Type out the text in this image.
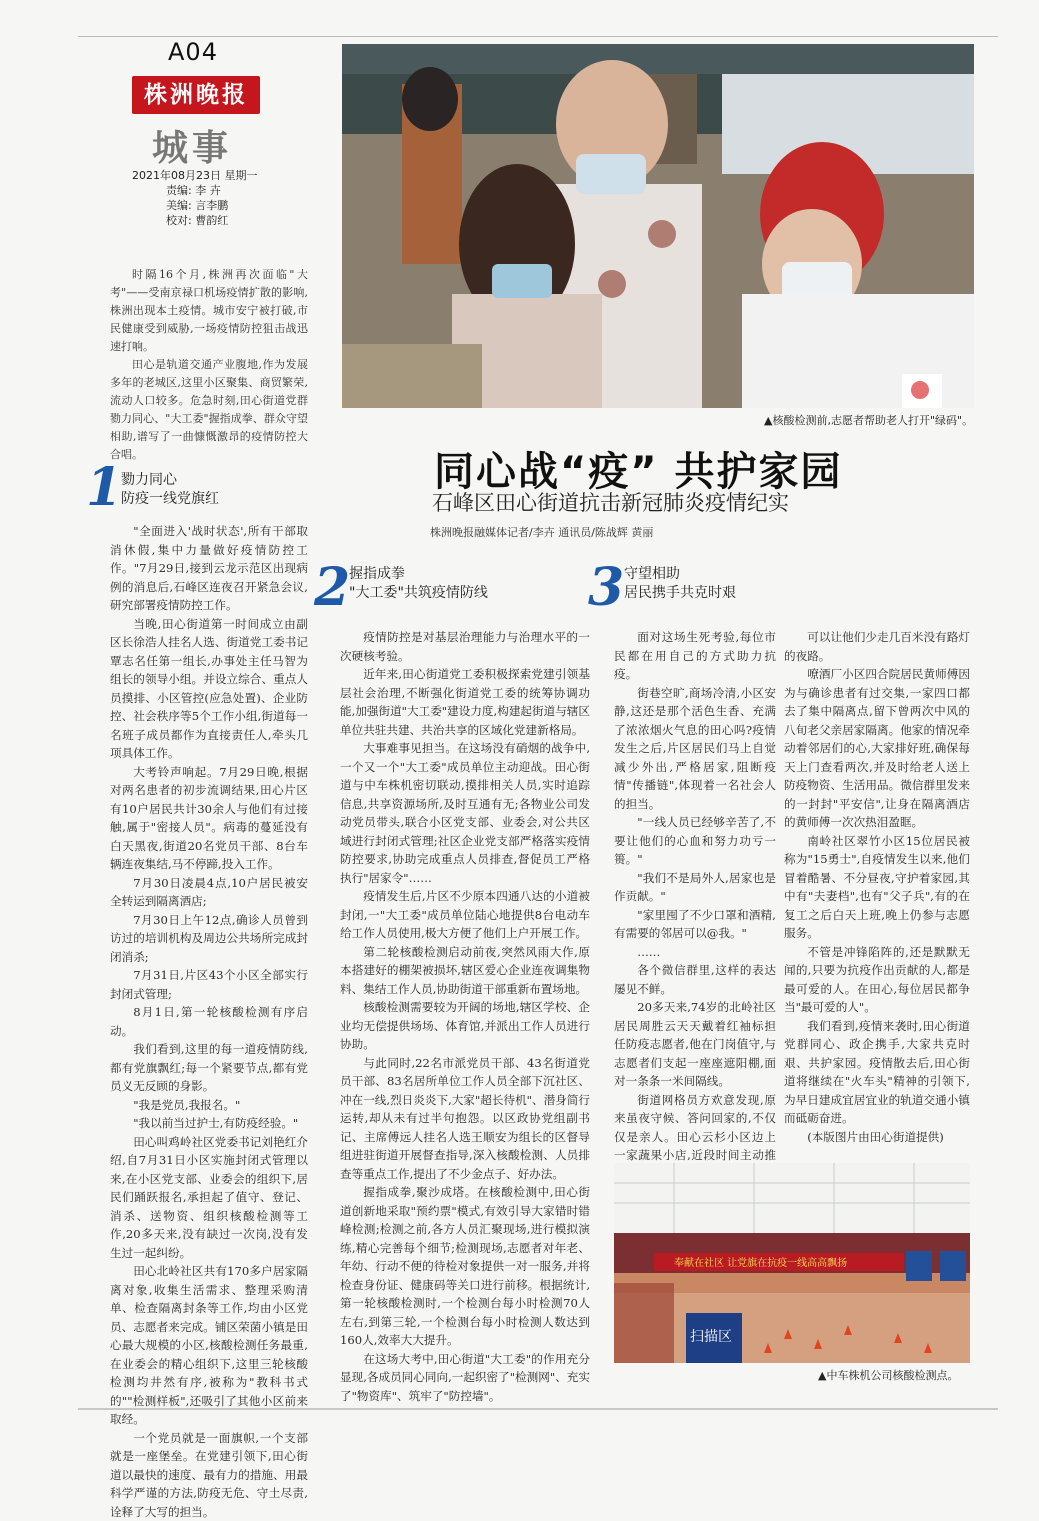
A04
株洲晚报
城事
2021年08月23日 星期一
责编: 李 卉
美编: 言李鹏
校对: 曹韵红

时隔16个月,株洲再次面临"大考"——受南京禄口机场疫情扩散的影响,株洲出现本土疫情。城市安宁被打破,市民健康受到威胁,一场疫情防控狙击战迅速打响。

田心是轨道交通产业腹地,作为发展多年的老城区,这里小区聚集、商贸繁荣,流动人口较多。危急时刻,田心街道党群勠力同心、"大工委"握指成拳、群众守望相助,谱写了一曲慷慨激昂的疫情防控大合唱。

▲核酸检测前,志愿者帮助老人打开"绿码"。
同心战“疫” 共护家园
石峰区田心街道抗击新冠肺炎疫情纪实
株洲晚报融媒体记者/李卉 通讯员/陈战辉 黄丽
1
勠力同心
防疫一线党旗红

"全面进入'战时状态',所有干部取消休假,集中力量做好疫情防控工作。"7月29日,接到云龙示范区出现病例的消息后,石峰区连夜召开紧急会议,研究部署疫情防控工作。

当晚,田心街道第一时间成立由副区长徐浩人挂名人选、街道党工委书记覃志名任第一组长,办事处主任马智为组长的领导小组。并设立综合、重点人员摸排、小区管控(应急处置)、企业防控、社会秩序等5个工作小组,街道每一名班子成员都作为直接责任人,牵头几项具体工作。

大考铃声响起。7月29日晚,根据对两名患者的初步流调结果,田心片区有10户居民共计30余人与他们有过接触,属于"密接人员"。病毒的蔓延没有白天黑夜,街道20名党员干部、8台车辆连夜集结,马不停蹄,投入工作。

7月30日凌晨4点,10户居民被安全转运到隔离酒店;

7月30日上午12点,确诊人员曾到访过的培训机构及周边公共场所完成封闭消杀;

7月31日,片区43个小区全部实行封闭式管理;

8月1日,第一轮核酸检测有序启动。

我们看到,这里的每一道疫情防线,都有党旗飘红;每一个紧要节点,都有党员义无反顾的身影。

"我是党员,我报名。"

"我以前当过护士,有防疫经验。"

田心叫鸡岭社区党委书记刘艳红介绍,自7月31日小区实施封闭式管理以来,在小区党支部、业委会的组织下,居民们踊跃报名,承担起了值守、登记、消杀、送物资、组织核酸检测等工作,20多天来,没有缺过一次岗,没有发生过一起纠纷。

田心北岭社区共有170多户居家隔离对象,收集生活需求、整理采购清单、检查隔离封条等工作,均由小区党员、志愿者来完成。铺区荣菌小镇是田心最大规模的小区,核酸检测任务最重,在业委会的精心组织下,这里三轮核酸检测均井然有序,被称为"教科书式的""检测样板",还吸引了其他小区前来取经。

一个党员就是一面旗帜,一个支部就是一座堡垒。在党建引领下,田心街道以最快的速度、最有力的措施、用最科学严谨的方法,防疫无危、守土尽责,诠释了大写的担当。

2
握指成拳
"大工委"共筑疫情防线

疫情防控是对基层治理能力与治理水平的一次硬核考验。

近年来,田心街道党工委积极探索党建引领基层社会治理,不断强化街道党工委的统筹协调功能,加强街道"大工委"建设力度,构建起街道与辖区单位共驻共建、共治共享的区域化党建新格局。

大事难事见担当。在这场没有硝烟的战争中,一个又一个"大工委"成员单位主动迎战。田心街道与中车株机密切联动,摸排相关人员,实时追踪信息,共享资源场所,及时互通有无;各物业公司发动党员带头,联合小区党支部、业委会,对公共区域进行封闭式管理;社区企业党支部严格落实疫情防控要求,协助完成重点人员排查,督促员工严格执行"居家令"……

疫情发生后,片区不少原本四通八达的小道被封闭,一"大工委"成员单位陆心地提供8台电动车给工作人员使用,极大方便了他们上户开展工作。

第二轮核酸检测启动前夜,突然风雨大作,原本搭建好的棚架被损坏,辖区爱心企业连夜调集物料、集结工作人员,协助街道干部重新布置场地。

核酸检测需要较为开阔的场地,辖区学校、企业均无偿提供场场、体育馆,并派出工作人员进行协助。

与此同时,22名市派党员干部、43名街道党员干部、83名居所单位工作人员全部下沉社区、冲在一线,烈日炎炎下,大家"超长待机"、潜身简行运转,却从未有过半句抱怨。以区政协党组副书记、主席傅远人挂名人选王顺安为组长的区督导组进驻街道开展督查指导,深入核酸检测、人员排查等重点工作,提出了不少金点子、好办法。

握指成拳,聚沙成塔。在核酸检测中,田心街道创新地采取"预约票"模式,有效引导大家错时错峰检测;检测之前,各方人员汇聚现场,进行模拟演练,精心完善每个细节;检测现场,志愿者对年老、年幼、行动不便的待检对象提供一对一服务,并将检查身份证、健康码等关口进行前移。根据统计,第一轮核酸检测时,一个检测台每小时检测70人左右,到第三轮,一个检测台每小时检测人数达到160人,效率大大提升。

在这场大考中,田心街道"大工委"的作用充分显现,各成员同心同向,一起织密了"检测网"、充实了"物资库"、筑牢了"防控墙"。

3 守望相助
居民携手共克时艰

面对这场生死考验,每位市民都在用自己的方式助力抗疫。

街巷空旷,商场冷清,小区安静,这还是那个活色生香、充满了浓浓烟火气息的田心吗?疫情发生之后,片区居民们马上自觉减少外出,严格居家,阻断疫情"传播链",体现着一名社会人的担当。

"一线人员已经够辛苦了,不要让他们的心血和努力功亏一篑。"

"我们不是局外人,居家也是作贡献。"

"家里囤了不少口罩和酒精,有需要的邻居可以@我。"

……

各个微信群里,这样的表达屡见不鲜。

20多天来,74岁的北岭社区居民周胜云天天戴着红袖标担任防疫志愿者,他在门岗值守,与志愿者们支起一座座遮阳棚,面对一条条一米间隔线。

街道网格员方欢意发现,原来虽夜守候、答问回家的,不仅仅是亲人。田心云杉小区边上一家蔬果小店,近段时间主动推

可以让他们少走几百米没有路灯的夜路。

嘹酒厂小区四合院居民黄师傅因为与确诊患者有过交集,一家四口都去了集中隔离点,留下曾两次中风的八旬老父亲居家隔离。他家的情况牵动着邻居们的心,大家排好班,确保每天上门查看两次,并及时给老人送上防疫物资、生活用品。微信群里发来的一封封"平安信",让身在隔离酒店的黄师傅一次次热泪盈眶。

南岭社区翠竹小区15位居民被称为"15勇士",自疫情发生以来,他们冒着酷暑、不分昼夜,守护着家园,其中有"夫妻档",也有"父子兵",有的在复工之后白天上班,晚上仍参与志愿服务。

不管是冲锋陷阵的,还是默默无闻的,只要为抗疫作出贡献的人,都是最可爱的人。在田心,每位居民都争当"最可爱的人"。

我们看到,疫情来袭时,田心街道党群同心、政企携手,大家共克时艰、共护家园。疫情散去后,田心街道将继续在"火车头"精神的引领下,为早日建成宜居宜业的轨道交通小镇而砥砺奋进。

(本版图片由田心街道提供)

奉献在社区 让党旗在抗疫一线高高飘扬
扫描区
▲中车株机公司核酸检测点。
